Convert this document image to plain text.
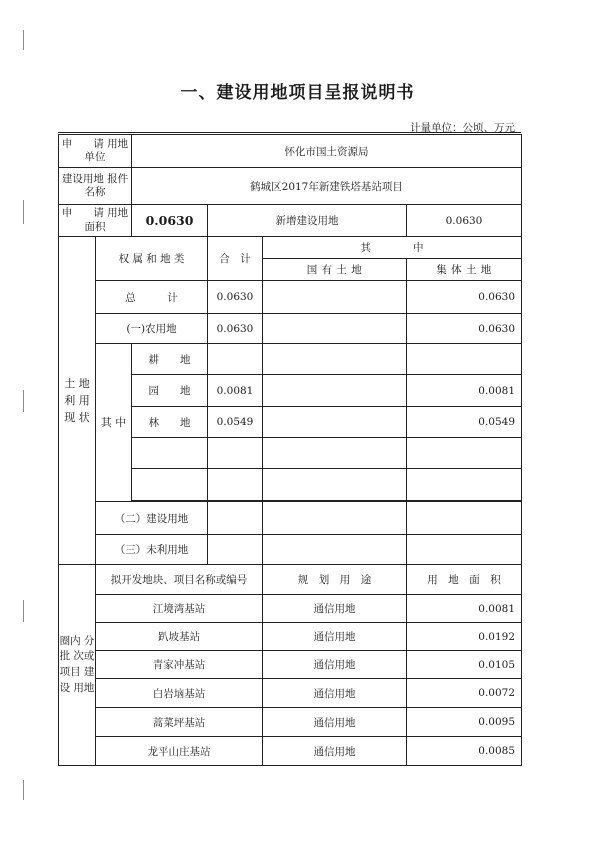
一、建设用地项目呈报说明书
计量单位：公顷、万元
申　　请 用地单位		怀化市国土资源局			
建设用地 报件名称		鹤城区2017年新建铁塔基站项目			
申　　请 用地面积		0.0630	新增建设用地		0.0630
土 地 利 用 现 状	权 属 和 地 类		合　计	其　　　　中	
				国 有 土 地	集 体 土 地
	总　　　计		0.0630		0.0630
	(一)农用地		0.0630		0.0630
	其 中	耕　　地			
		园　　地	0.0081		0.0081
		林　　地	0.0549		0.0549

	（二）建设用地				
	（三）未利用地				
圈内 分批 次或 项目 建设 用地	拟开发地块、项目名称或编号			规　划　用　途	用　地　面　积
	江境湾基站			通信用地	0.0081
	趴坡基站			通信用地	0.0192
	青家冲基站			通信用地	0.0105
	白岩垴基站			通信用地	0.0072
	蒿菜坪基站			通信用地	0.0095
	龙平山庄基站			通信用地	0.0085
